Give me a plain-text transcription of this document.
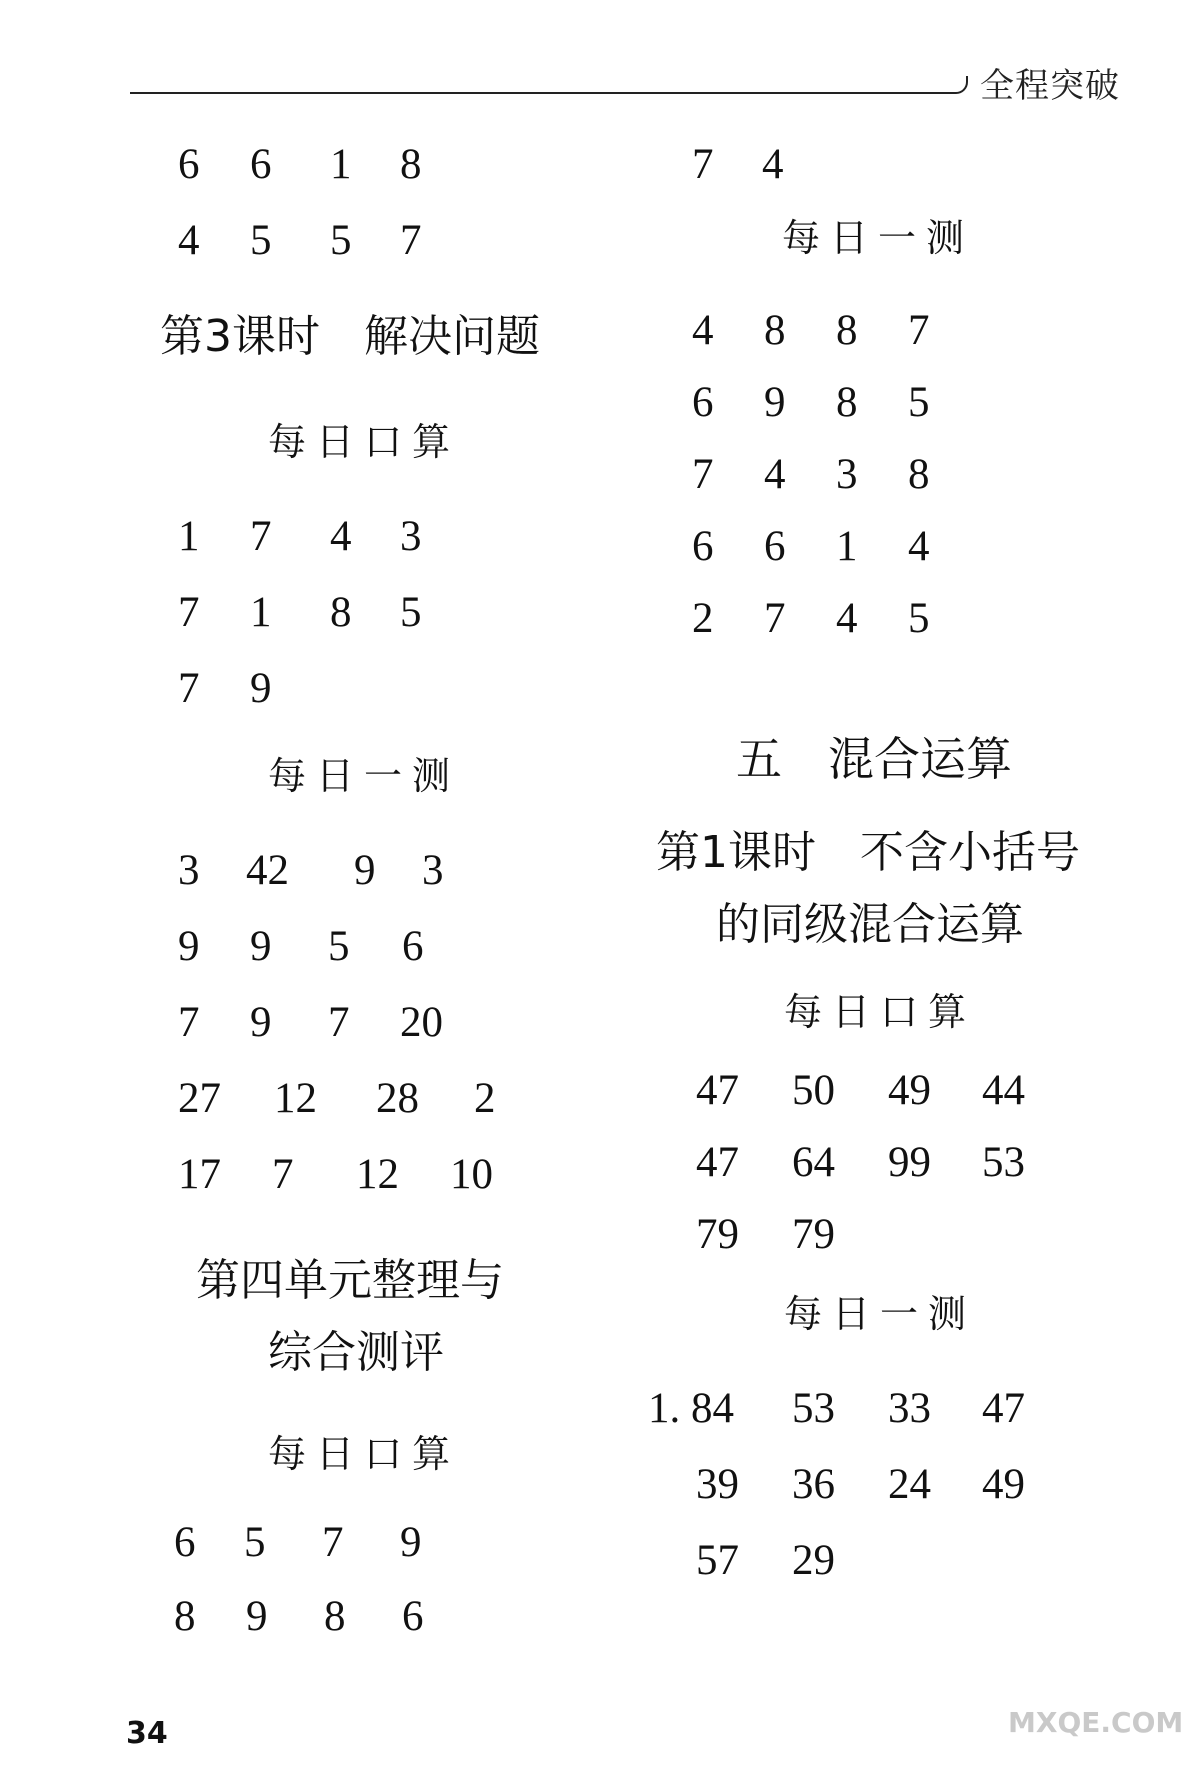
全程突破
6 6 1 8
4 5 5 7
第3课时　解决问题
每日口算
1 7 4 3
7 1 8 5
7 9
每日一测
3 42 9 3
9 9 5 6
7 9 7 20
27 12 28 2
17 7 12 10
第四单元整理与
综合测评
每日口算
6 5 7 9
8 9 8 6
7 4
每日一测
4 8 8 7
6 9 8 5
7 4 3 8
6 6 1 4
2 7 4 5
五　混合运算
第1课时　不含小括号
的同级混合运算
每日口算
47 50 49 44
47 64 99 53
79 79
每日一测
1. 84 53 33 47
39 36 24 49
57 29
34	MXQE.COM
